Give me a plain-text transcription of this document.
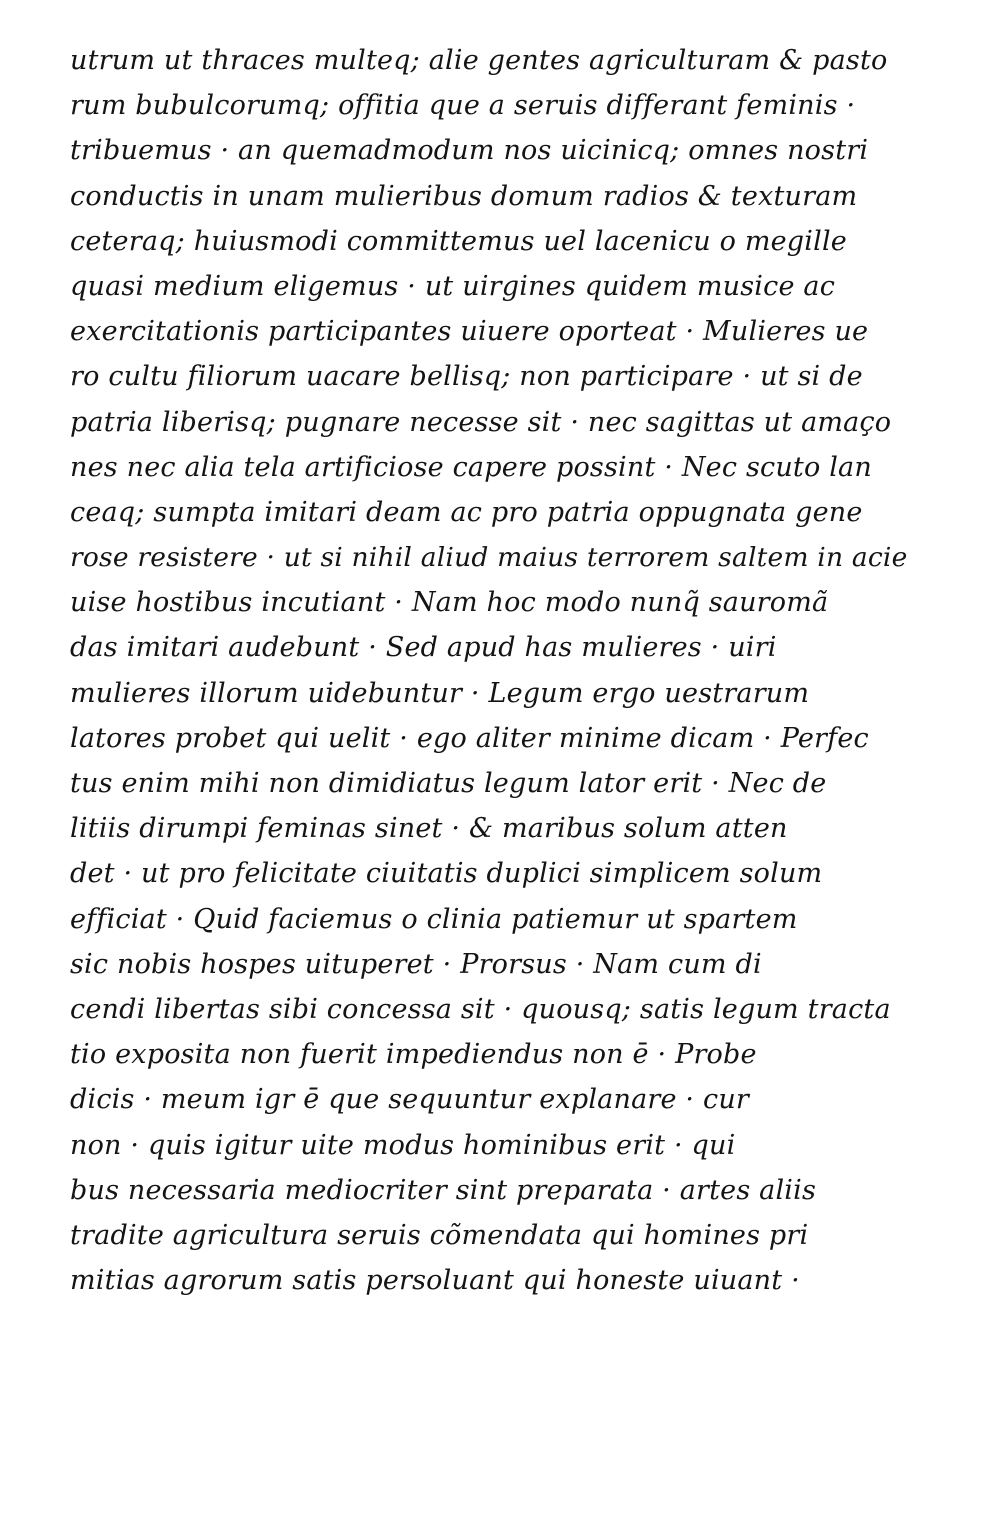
utrum ut thraces multeq; alie gentes agriculturam & pasto
rum bubulcorumq; offitia que a seruis differant feminis ·
tribuemus · an quemadmodum nos uicinicq; omnes nostri
conductis in unam mulieribus domum radios & texturam
ceteraq; huiusmodi committemus uel lacenicu o megille
quasi medium eligemus · ut uirgines quidem musice ac
exercitationis participantes uiuere oporteat · Mulieres ue
ro cultu filiorum uacare bellisq; non participare · ut si de
patria liberisq; pugnare necesse sit · nec sagittas ut amaço
nes nec alia tela artificiose capere possint · Nec scuto lan
ceaq; sumpta imitari deam ac pro patria oppugnata gene
rose resistere · ut si nihil aliud maius terrorem saltem in acie
uise hostibus incutiant · Nam hoc modo nunq̃ sauromã
das imitari audebunt · Sed apud has mulieres · uiri
mulieres illorum uidebuntur · Legum ergo uestrarum
latores probet qui uelit · ego aliter minime dicam · Perfec
tus enim mihi non dimidiatus legum lator erit · Nec de
litiis dirumpi feminas sinet · & maribus solum atten
det · ut pro felicitate ciuitatis duplici simplicem solum
efficiat · Quid faciemus o clinia patiemur ut spartem
sic nobis hospes uituperet · Prorsus · Nam cum di
cendi libertas sibi concessa sit · quousq; satis legum tracta
tio exposita non fuerit impediendus non ē · Probe
dicis · meum igr ē que sequuntur explanare · cur
non · quis igitur uite modus hominibus erit · qui
bus necessaria mediocriter sint preparata · artes aliis
tradite agricultura seruis cõmendata qui homines pri
mitias agrorum satis persoluant qui honeste uiuant ·
